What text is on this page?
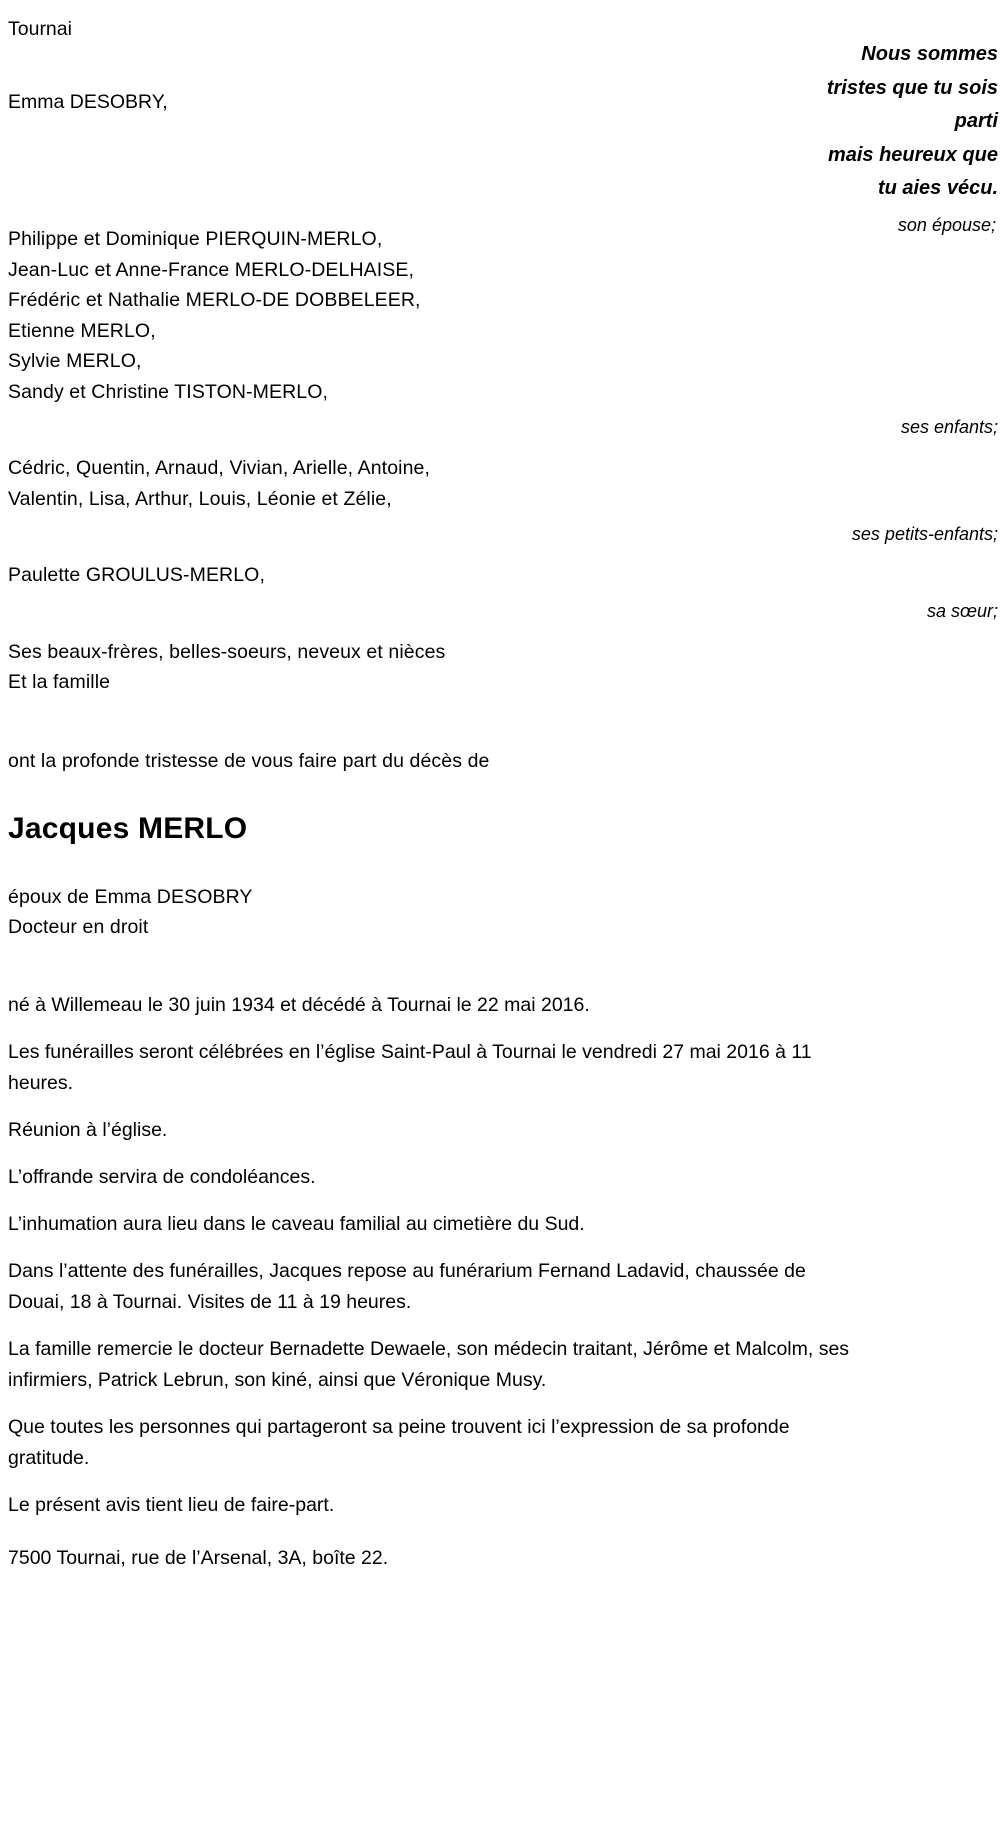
Tournai
Emma DESOBRY,
Nous sommes
tristes que tu sois
parti
mais heureux que
tu aies vécu.
son épouse;
Philippe et Dominique PIERQUIN-MERLO,
Jean-Luc et Anne-France MERLO-DELHAISE,
Frédéric et Nathalie MERLO-DE DOBBELEER,
Etienne MERLO,
Sylvie MERLO,
Sandy et Christine TISTON-MERLO,
ses enfants;
Cédric, Quentin, Arnaud, Vivian, Arielle, Antoine,
Valentin, Lisa, Arthur, Louis, Léonie et Zélie,
ses petits-enfants;
Paulette GROULUS-MERLO,
sa sœur;
Ses beaux-frères, belles-soeurs, neveux et nièces
Et la famille
ont la profonde tristesse de vous faire part du décès de
Jacques MERLO
époux de Emma DESOBRY
Docteur en droit
né à Willemeau le 30 juin 1934 et décédé à Tournai le 22 mai 2016.
Les funérailles seront célébrées en l’église Saint-Paul à Tournai le vendredi 27 mai 2016 à 11 heures.
Réunion à l’église.
L’offrande servira de condoléances.
L’inhumation aura lieu dans le caveau familial au cimetière du Sud.
Dans l’attente des funérailles, Jacques repose au funérarium Fernand Ladavid, chaussée de Douai, 18 à Tournai. Visites de 11 à 19 heures.
La famille remercie le docteur Bernadette Dewaele, son médecin traitant, Jérôme et Malcolm, ses infirmiers, Patrick Lebrun, son kiné, ainsi que Véronique Musy.
Que toutes les personnes qui partageront sa peine trouvent ici l’expression de sa profonde gratitude.
Le présent avis tient lieu de faire-part.
7500 Tournai, rue de l’Arsenal, 3A, boîte 22.
